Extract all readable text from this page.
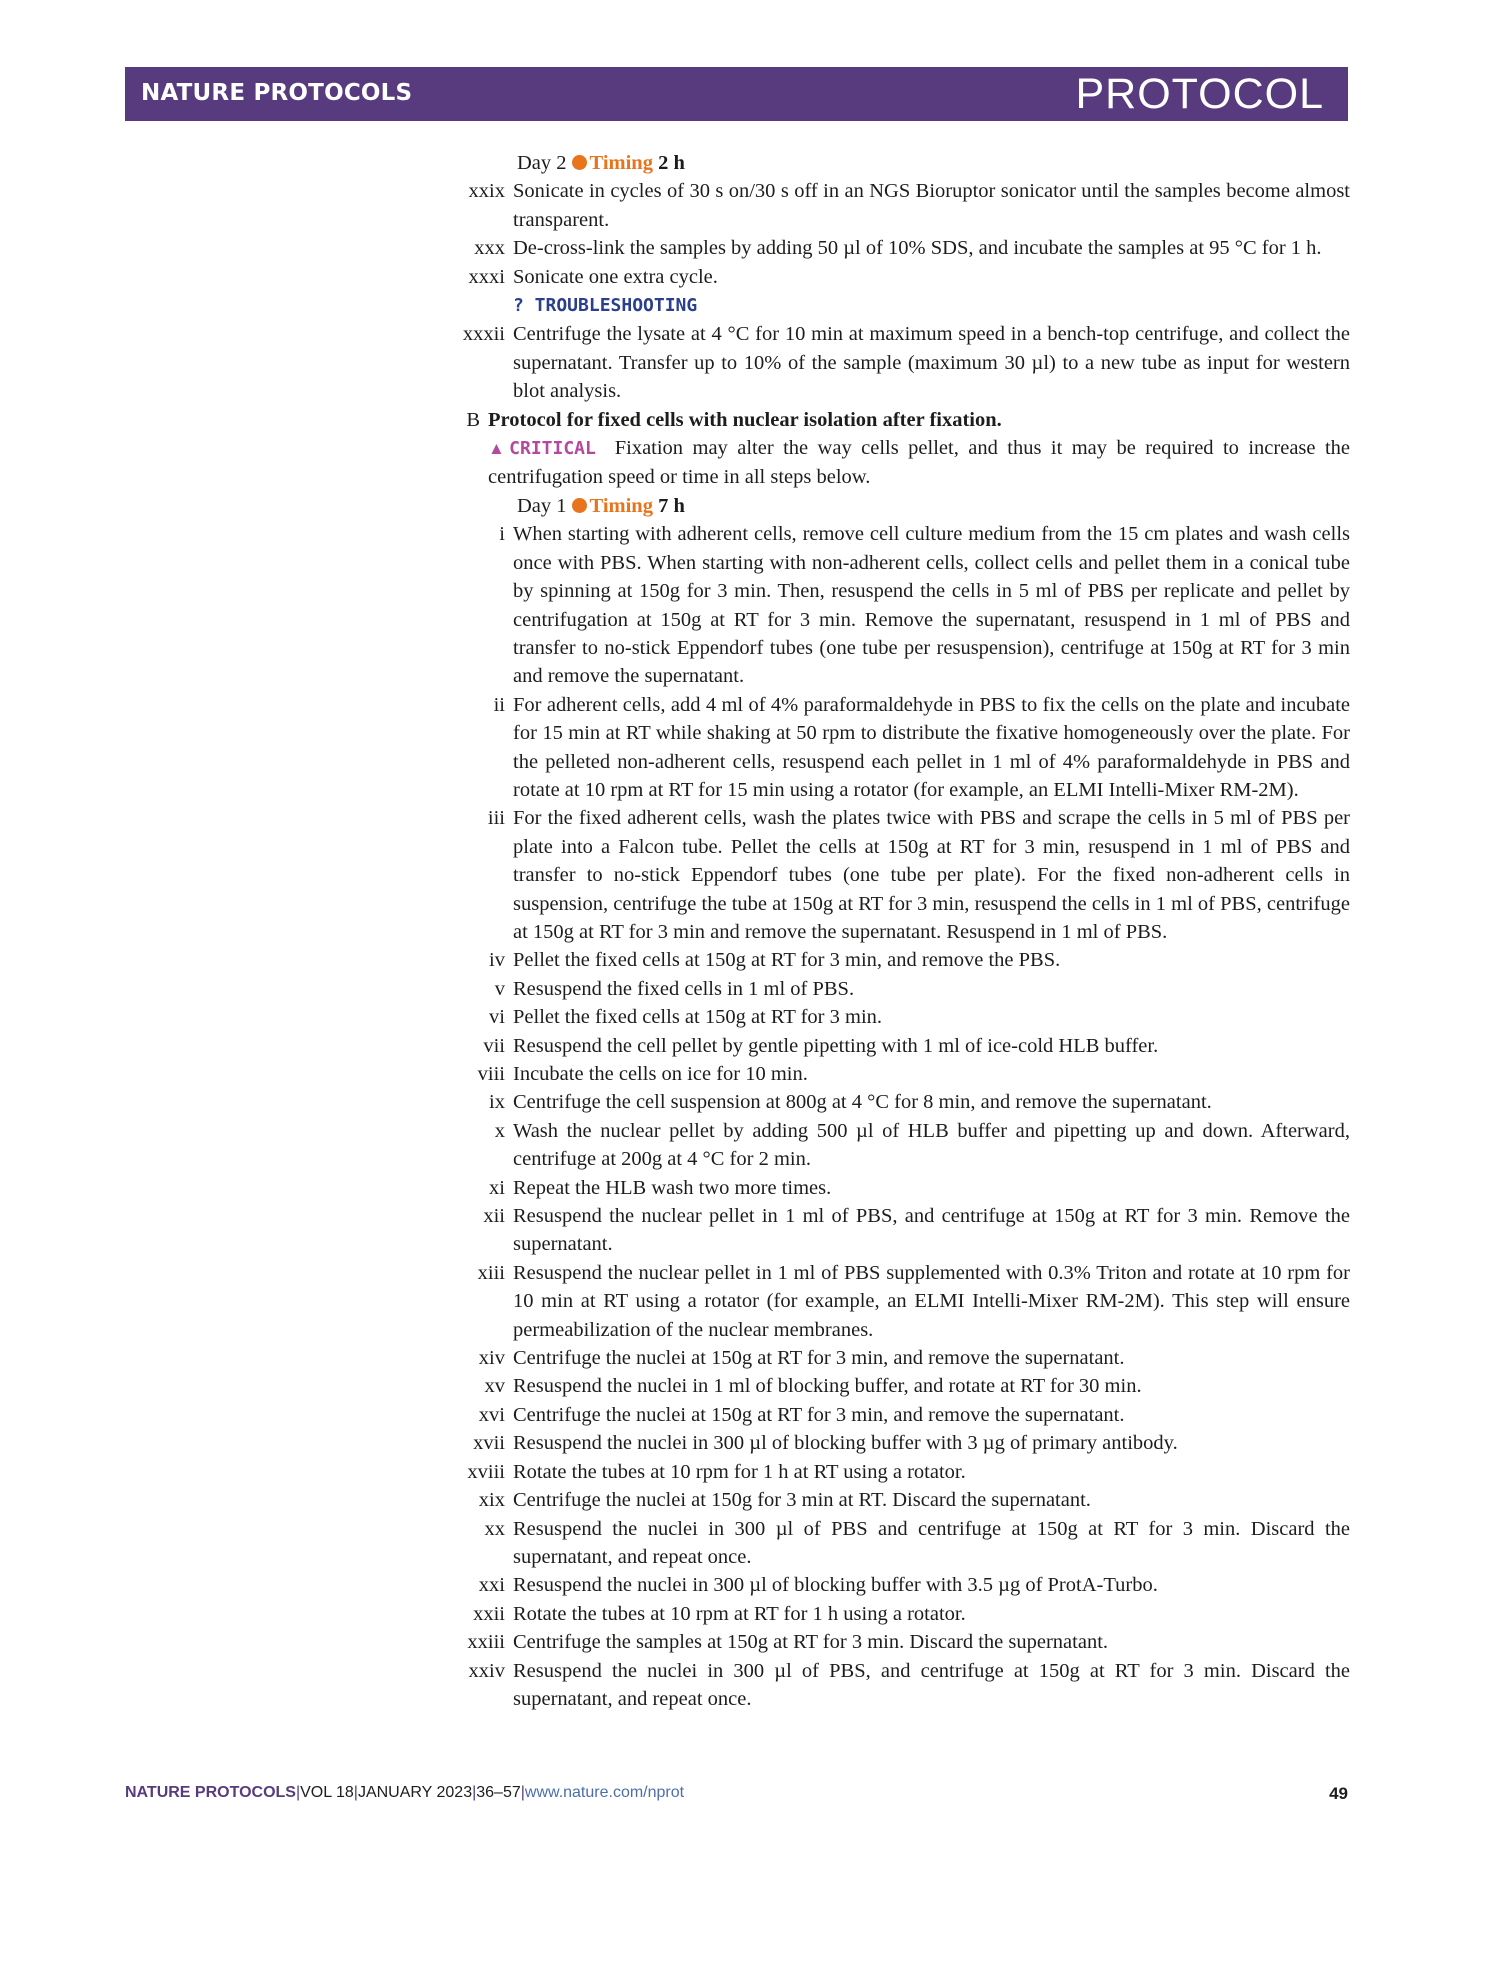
NATURE PROTOCOLS	PROTOCOL
Day 2 Timing 2 h
xxix Sonicate in cycles of 30 s on/30 s off in an NGS Bioruptor sonicator until the samples become almost transparent.
xxx De-cross-link the samples by adding 50 µl of 10% SDS, and incubate the samples at 95 °C for 1 h.
xxxi Sonicate one extra cycle.
? TROUBLESHOOTING
xxxii Centrifuge the lysate at 4 °C for 10 min at maximum speed in a bench-top centrifuge, and collect the supernatant. Transfer up to 10% of the sample (maximum 30 µl) to a new tube as input for western blot analysis.
B Protocol for fixed cells with nuclear isolation after fixation.
▲CRITICAL Fixation may alter the way cells pellet, and thus it may be required to increase the centrifugation speed or time in all steps below.
Day 1 Timing 7 h
i When starting with adherent cells, remove cell culture medium from the 15 cm plates and wash cells once with PBS. When starting with non-adherent cells, collect cells and pellet them in a conical tube by spinning at 150g for 3 min. Then, resuspend the cells in 5 ml of PBS per replicate and pellet by centrifugation at 150g at RT for 3 min. Remove the supernatant, resuspend in 1 ml of PBS and transfer to no-stick Eppendorf tubes (one tube per resuspension), centrifuge at 150g at RT for 3 min and remove the supernatant.
ii For adherent cells, add 4 ml of 4% paraformaldehyde in PBS to fix the cells on the plate and incubate for 15 min at RT while shaking at 50 rpm to distribute the fixative homogeneously over the plate. For the pelleted non-adherent cells, resuspend each pellet in 1 ml of 4% paraformaldehyde in PBS and rotate at 10 rpm at RT for 15 min using a rotator (for example, an ELMI Intelli-Mixer RM-2M).
iii For the fixed adherent cells, wash the plates twice with PBS and scrape the cells in 5 ml of PBS per plate into a Falcon tube. Pellet the cells at 150g at RT for 3 min, resuspend in 1 ml of PBS and transfer to no-stick Eppendorf tubes (one tube per plate). For the fixed non-adherent cells in suspension, centrifuge the tube at 150g at RT for 3 min, resuspend the cells in 1 ml of PBS, centrifuge at 150g at RT for 3 min and remove the supernatant. Resuspend in 1 ml of PBS.
iv Pellet the fixed cells at 150g at RT for 3 min, and remove the PBS.
v Resuspend the fixed cells in 1 ml of PBS.
vi Pellet the fixed cells at 150g at RT for 3 min.
vii Resuspend the cell pellet by gentle pipetting with 1 ml of ice-cold HLB buffer.
viii Incubate the cells on ice for 10 min.
ix Centrifuge the cell suspension at 800g at 4 °C for 8 min, and remove the supernatant.
x Wash the nuclear pellet by adding 500 µl of HLB buffer and pipetting up and down. Afterward, centrifuge at 200g at 4 °C for 2 min.
xi Repeat the HLB wash two more times.
xii Resuspend the nuclear pellet in 1 ml of PBS, and centrifuge at 150g at RT for 3 min. Remove the supernatant.
xiii Resuspend the nuclear pellet in 1 ml of PBS supplemented with 0.3% Triton and rotate at 10 rpm for 10 min at RT using a rotator (for example, an ELMI Intelli-Mixer RM-2M). This step will ensure permeabilization of the nuclear membranes.
xiv Centrifuge the nuclei at 150g at RT for 3 min, and remove the supernatant.
xv Resuspend the nuclei in 1 ml of blocking buffer, and rotate at RT for 30 min.
xvi Centrifuge the nuclei at 150g at RT for 3 min, and remove the supernatant.
xvii Resuspend the nuclei in 300 µl of blocking buffer with 3 µg of primary antibody.
xviii Rotate the tubes at 10 rpm for 1 h at RT using a rotator.
xix Centrifuge the nuclei at 150g for 3 min at RT. Discard the supernatant.
xx Resuspend the nuclei in 300 µl of PBS and centrifuge at 150g at RT for 3 min. Discard the supernatant, and repeat once.
xxi Resuspend the nuclei in 300 µl of blocking buffer with 3.5 µg of ProtA-Turbo.
xxii Rotate the tubes at 10 rpm at RT for 1 h using a rotator.
xxiii Centrifuge the samples at 150g at RT for 3 min. Discard the supernatant.
xxiv Resuspend the nuclei in 300 µl of PBS, and centrifuge at 150g at RT for 3 min. Discard the supernatant, and repeat once.
NATURE PROTOCOLS|VOL 18|JANUARY 2023|36–57|www.nature.com/nprot	49
